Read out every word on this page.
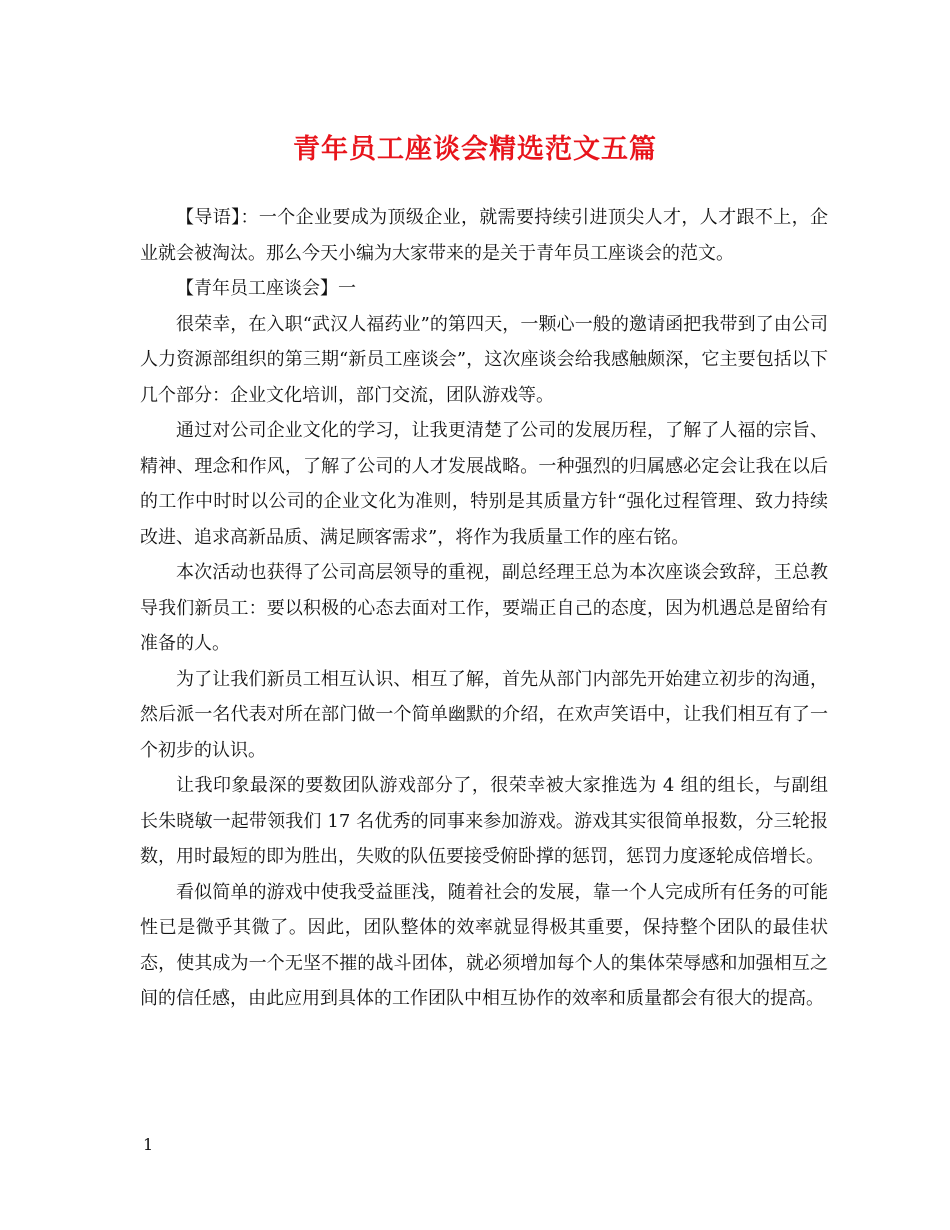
青年员工座谈会精选范文五篇

【导语】：一个企业要成为顶级企业，就需要持续引进顶尖人才，人才跟不上，企业就会被淘汰。那么今天小编为大家带来的是关于青年员工座谈会的范文。

【青年员工座谈会】一

很荣幸，在入职“武汉人福药业”的第四天，一颗心一般的邀请函把我带到了由公司人力资源部组织的第三期“新员工座谈会”，这次座谈会给我感触颇深，它主要包括以下几个部分：企业文化培训，部门交流，团队游戏等。

通过对公司企业文化的学习，让我更清楚了公司的发展历程，了解了人福的宗旨、精神、理念和作风，了解了公司的人才发展战略。一种强烈的归属感必定会让我在以后的工作中时时以公司的企业文化为准则，特别是其质量方针“强化过程管理、致力持续改进、追求高新品质、满足顾客需求”，将作为我质量工作的座右铭。

本次活动也获得了公司高层领导的重视，副总经理王总为本次座谈会致辞，王总教导我们新员工：要以积极的心态去面对工作，要端正自己的态度，因为机遇总是留给有准备的人。

为了让我们新员工相互认识、相互了解，首先从部门内部先开始建立初步的沟通，然后派一名代表对所在部门做一个简单幽默的介绍，在欢声笑语中，让我们相互有了一个初步的认识。

让我印象最深的要数团队游戏部分了，很荣幸被大家推选为 4 组的组长，与副组长朱晓敏一起带领我们 17 名优秀的同事来参加游戏。游戏其实很简单报数，分三轮报数，用时最短的即为胜出，失败的队伍要接受俯卧撑的惩罚，惩罚力度逐轮成倍增长。

看似简单的游戏中使我受益匪浅，随着社会的发展，靠一个人完成所有任务的可能性已是微乎其微了。因此，团队整体的效率就显得极其重要，保持整个团队的最佳状态，使其成为一个无坚不摧的战斗团体，就必须增加每个人的集体荣辱感和加强相互之间的信任感，由此应用到具体的工作团队中相互协作的效率和质量都会有很大的提高。

1
